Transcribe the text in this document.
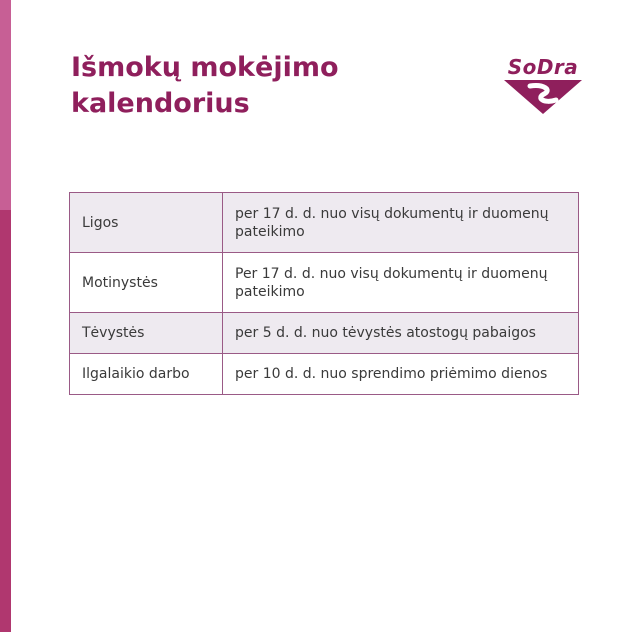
Išmokų mokėjimo kalendorius
SoDra
Ligos	per 17 d. d. nuo visų dokumentų ir duomenų pateikimo
Motinystės	Per 17 d. d. nuo visų dokumentų ir duomenų pateikimo
Tėvystės	per 5 d. d. nuo tėvystės atostogų pabaigos
Ilgalaikio darbo	per 10 d. d. nuo sprendimo priėmimo dienos
